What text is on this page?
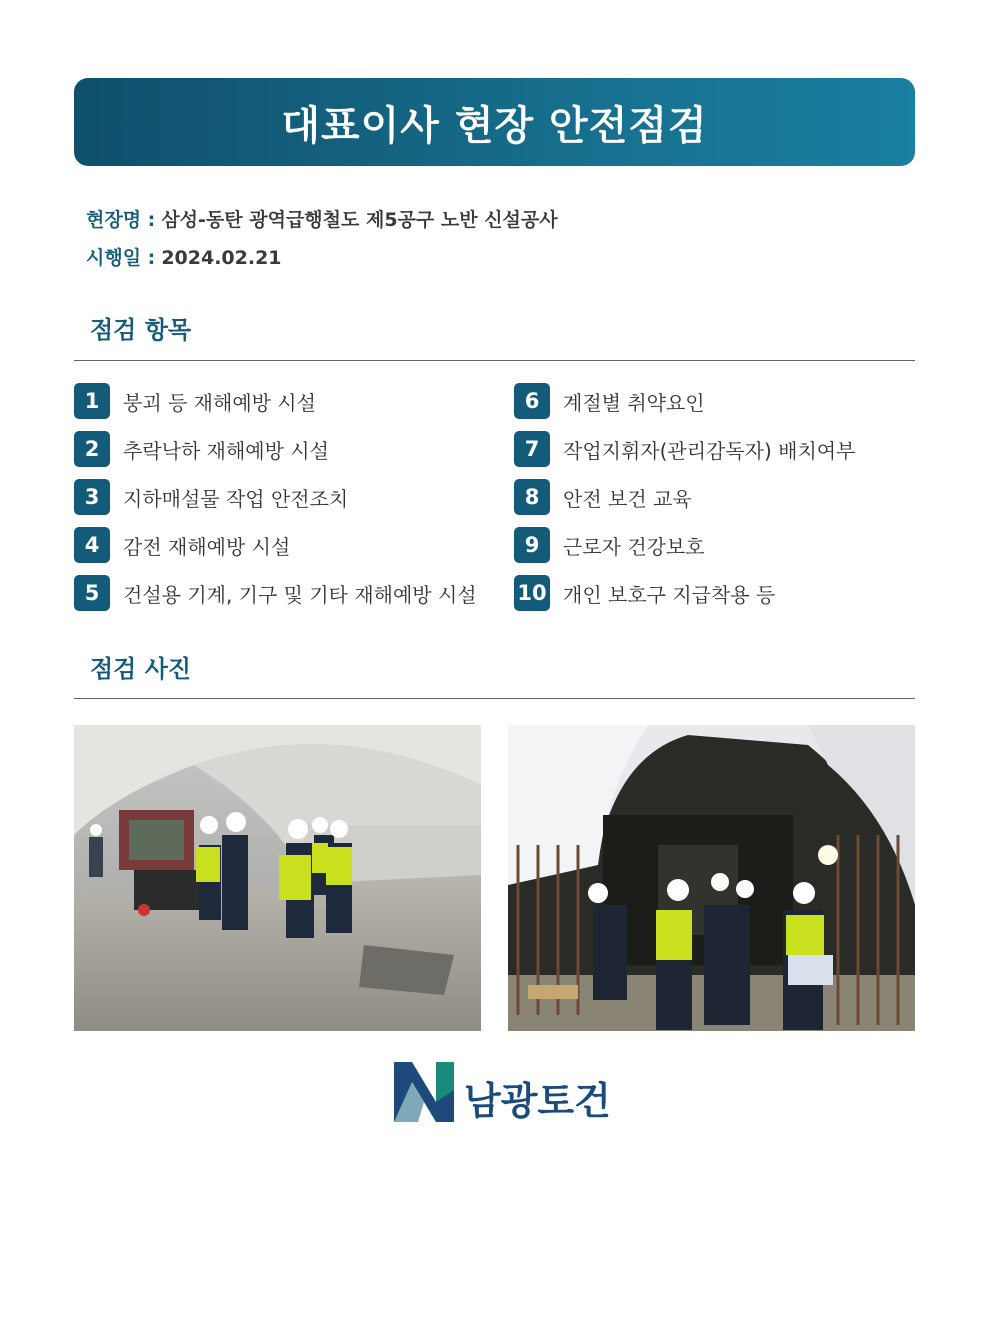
대표이사 현장 안전점검
현장명 : 삼성-동탄 광역급행철도 제5공구 노반 신설공사
시행일 : 2024.02.21
점검 항목
1	붕괴 등 재해예방 시설
2	추락낙하 재해예방 시설
3	지하매설물 작업 안전조치
4	감전 재해예방 시설
5	건설용 기계, 기구 및 기타 재해예방 시설
6	계절별 취약요인
7	작업지휘자(관리감독자) 배치여부
8	안전 보건 교육
9	근로자 건강보호
10 개인 보호구 지급착용 등
점검 사진
남광토건
